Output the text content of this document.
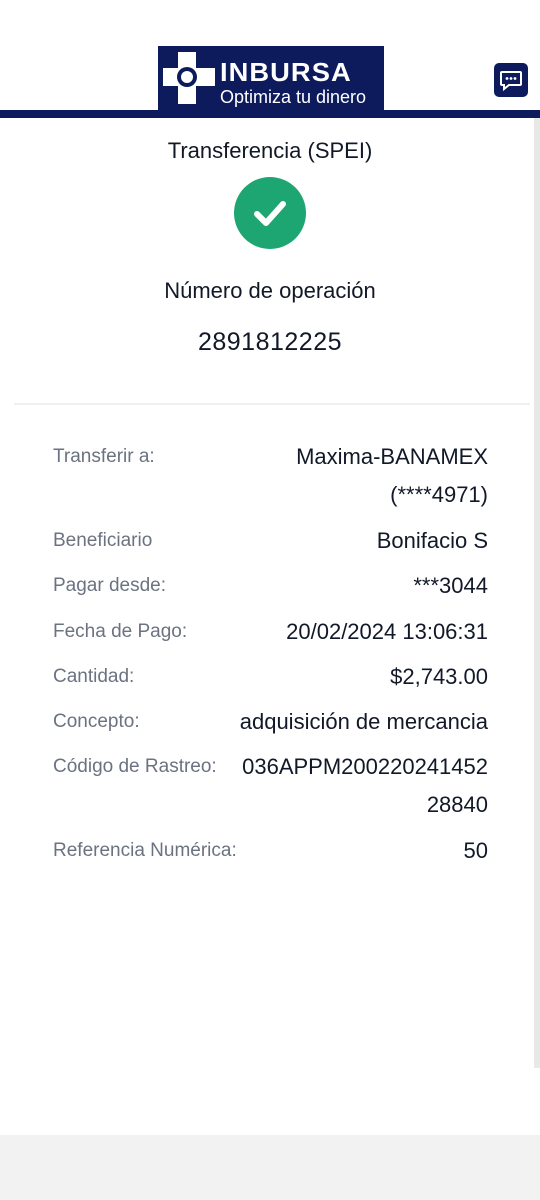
INBURSA
Optimiza tu dinero
Transferencia (SPEI)
Número de operación
2891812225
Transferir a:	Maxima-BANAMEX
(****4971)
Beneficiario	Bonifacio S
Pagar desde:	***3044
Fecha de Pago:	20/02/2024 13:06:31
Cantidad:	$2,743.00
Concepto:	adquisición de mercancia
Código de Rastreo:	036APPM200220241452
28840
Referencia Numérica:	50
